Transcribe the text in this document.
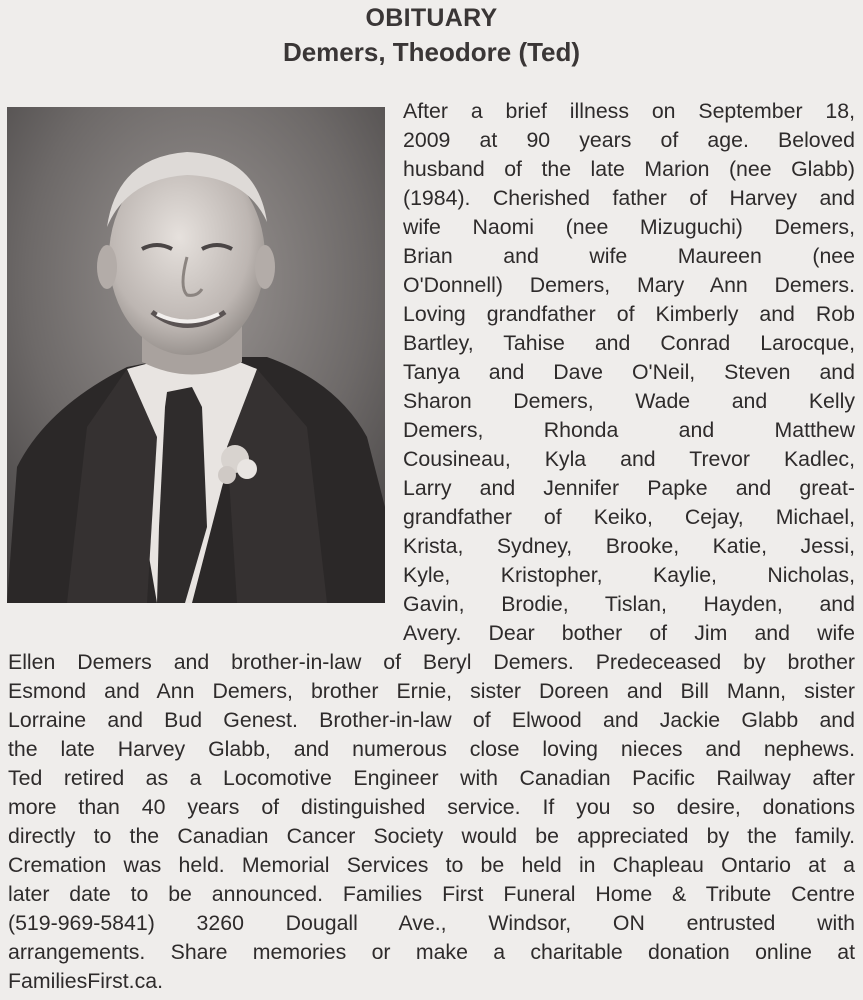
OBITUARY
Demers, Theodore (Ted)

After a brief illness on September 18,
2009 at 90 years of age. Beloved
husband of the late Marion (nee Glabb)
(1984). Cherished father of Harvey and
wife Naomi (nee Mizuguchi) Demers,
Brian and wife Maureen (nee
O'Donnell) Demers, Mary Ann Demers.
Loving grandfather of Kimberly and Rob
Bartley, Tahise and Conrad Larocque,
Tanya and Dave O'Neil, Steven and
Sharon Demers, Wade and Kelly
Demers, Rhonda and Matthew
Cousineau, Kyla and Trevor Kadlec,
Larry and Jennifer Papke and great-
grandfather of Keiko, Cejay, Michael,
Krista, Sydney, Brooke, Katie, Jessi,
Kyle, Kristopher, Kaylie, Nicholas,
Gavin, Brodie, Tislan, Hayden, and
Avery. Dear bother of Jim and wife

Ellen Demers and brother-in-law of Beryl Demers. Predeceased by brother
Esmond and Ann Demers, brother Ernie, sister Doreen and Bill Mann, sister
Lorraine and Bud Genest. Brother-in-law of Elwood and Jackie Glabb and
the late Harvey Glabb, and numerous close loving nieces and nephews.
Ted retired as a Locomotive Engineer with Canadian Pacific Railway after
more than 40 years of distinguished service. If you so desire, donations
directly to the Canadian Cancer Society would be appreciated by the family.
Cremation was held. Memorial Services to be held in Chapleau Ontario at a
later date to be announced. Families First Funeral Home & Tribute Centre
(519-969-5841) 3260 Dougall Ave., Windsor, ON entrusted with
arrangements. Share memories or make a charitable donation online at
FamiliesFirst.ca.
